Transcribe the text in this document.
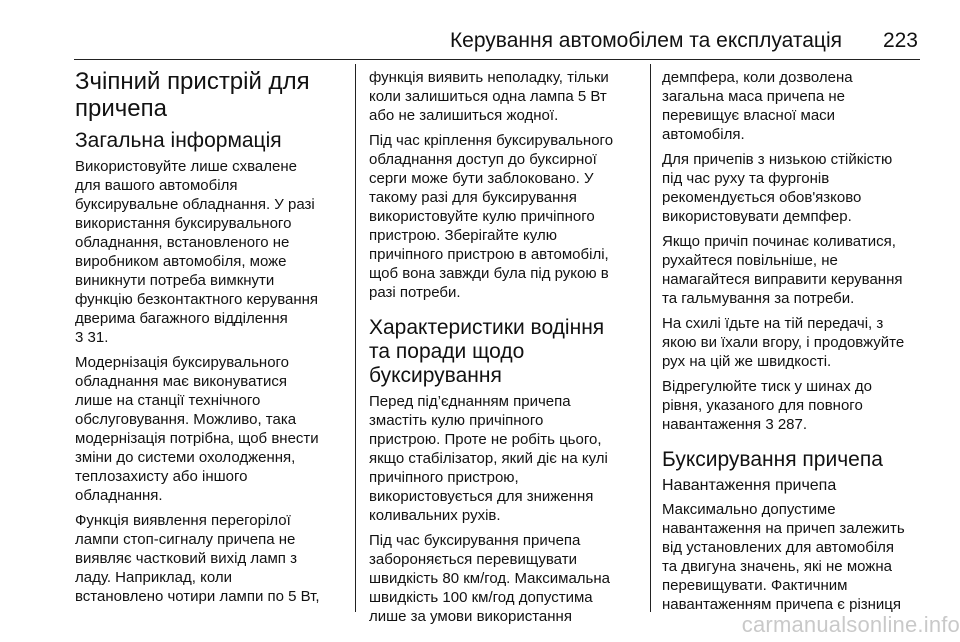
Керування автомобілем та експлуатація 223
Зчіпний пристрій для
причепа
Загальна інформація

Використовуйте лише схвалене
для вашого автомобіля
буксирувальне обладнання. У разі
використання буксирувального
обладнання, встановленого не
виробником автомобіля, може
виникнути потреба вимкнути
функцію безконтактного керування
дверима багажного відділення
3 31.

Модернізація буксирувального
обладнання має виконуватися
лише на станції технічного
обслуговування. Можливо, така
модернізація потрібна, щоб внести
зміни до системи охолодження,
теплозахисту або іншого
обладнання.

Функція виявлення перегорілої
лампи стоп-сигналу причепа не
виявляє частковий вихід ламп з
ладу. Наприклад, коли
встановлено чотири лампи по 5 Вт,

функція виявить неполадку, тільки
коли залишиться одна лампа 5 Вт
або не залишиться жодної.

Під час кріплення буксирувального
обладнання доступ до буксирної
серги може бути заблоковано. У
такому разі для буксирування
використовуйте кулю причіпного
пристрою. Зберігайте кулю
причіпного пристрою в автомобілі,
щоб вона завжди була під рукою в
разі потреби.

Характеристики водіння
та поради щодо
буксирування

Перед під’єднанням причепа
змастіть кулю причіпного
пристрою. Проте не робіть цього,
якщо стабілізатор, який діє на кулі
причіпного пристрою,
використовується для зниження
коливальних рухів.

Під час буксирування причепа
забороняється перевищувати
швидкість 80 км/год. Максимальна
швидкість 100 км/год допустима
лише за умови використання

демпфера, коли дозволена
загальна маса причепа не
перевищує власної маси
автомобіля.

Для причепів з низькою стійкістю
під час руху та фургонів
рекомендується обов'язково
використовувати демпфер.

Якщо причіп починає коливатися,
рухайтеся повільніше, не
намагайтеся виправити керування
та гальмування за потреби.

На схилі їдьте на тій передачі, з
якою ви їхали вгору, і продовжуйте
рух на цій же швидкості.

Відрегулюйте тиск у шинах до
рівня, указаного для повного
навантаження 3 287.

Буксирування причепа
Навантаження причепа

Максимально допустиме
навантаження на причеп залежить
від установлених для автомобіля
та двигуна значень, які не можна
перевищувати. Фактичним
навантаженням причепа є різниця

carmanualsonline.info
